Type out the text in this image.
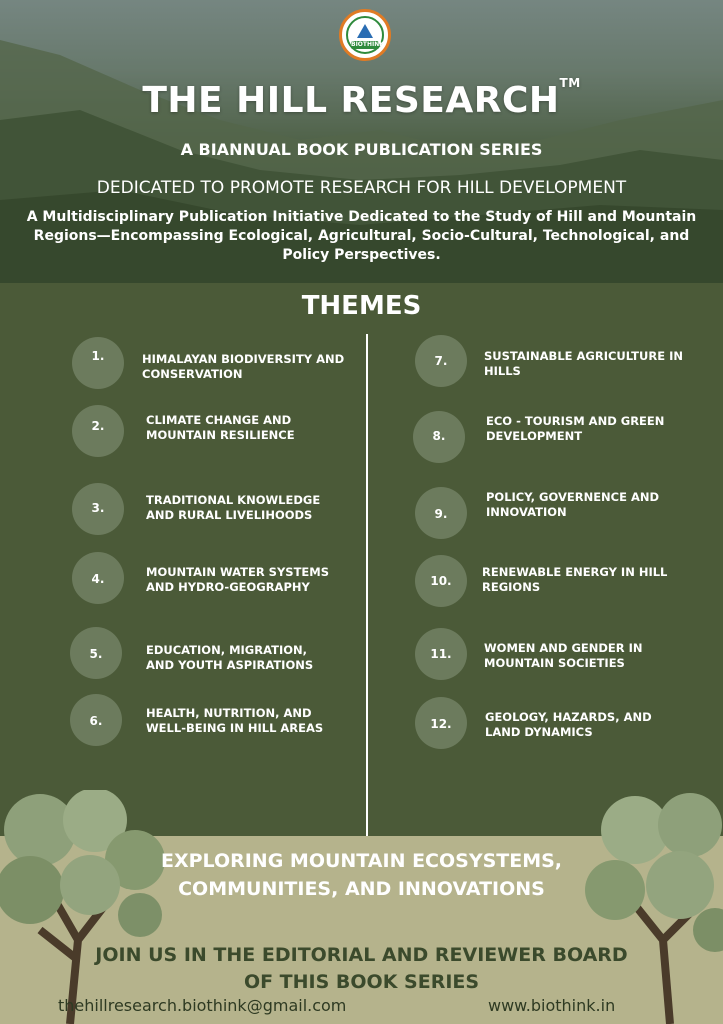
BIOTHINK
THE HILL RESEARCH™
A BIANNUAL BOOK PUBLICATION SERIES
DEDICATED TO PROMOTE RESEARCH FOR HILL DEVELOPMENT
A Multidisciplinary Publication Initiative Dedicated to the Study of Hill and Mountain Regions—Encompassing Ecological, Agricultural, Socio-Cultural, Technological, and Policy Perspectives.
THEMES
1.	HIMALAYAN BIODIVERSITY AND
CONSERVATION
2.	CLIMATE CHANGE AND
MOUNTAIN RESILIENCE
3.
TRADITIONAL KNOWLEDGE
AND RURAL LIVELIHOODS
4.	MOUNTAIN WATER SYSTEMS
AND HYDRO-GEOGRAPHY
5.	EDUCATION, MIGRATION,
AND YOUTH ASPIRATIONS
6.
HEALTH, NUTRITION, AND
WELL-BEING IN HILL AREAS
7.	SUSTAINABLE AGRICULTURE IN
HILLS
8.
ECO - TOURISM AND GREEN
DEVELOPMENT
9.
POLICY, GOVERNENCE AND
INNOVATION
10.
RENEWABLE ENERGY IN HILL
REGIONS
11.	WOMEN AND GENDER IN
MOUNTAIN SOCIETIES
12.	GEOLOGY, HAZARDS, AND
LAND DYNAMICS
EXPLORING MOUNTAIN ECOSYSTEMS,
COMMUNITIES, AND INNOVATIONS
JOIN US IN THE EDITORIAL AND REVIEWER BOARD
OF THIS BOOK SERIES
thehillresearch.biothink@gmail.com	www.biothink.in
